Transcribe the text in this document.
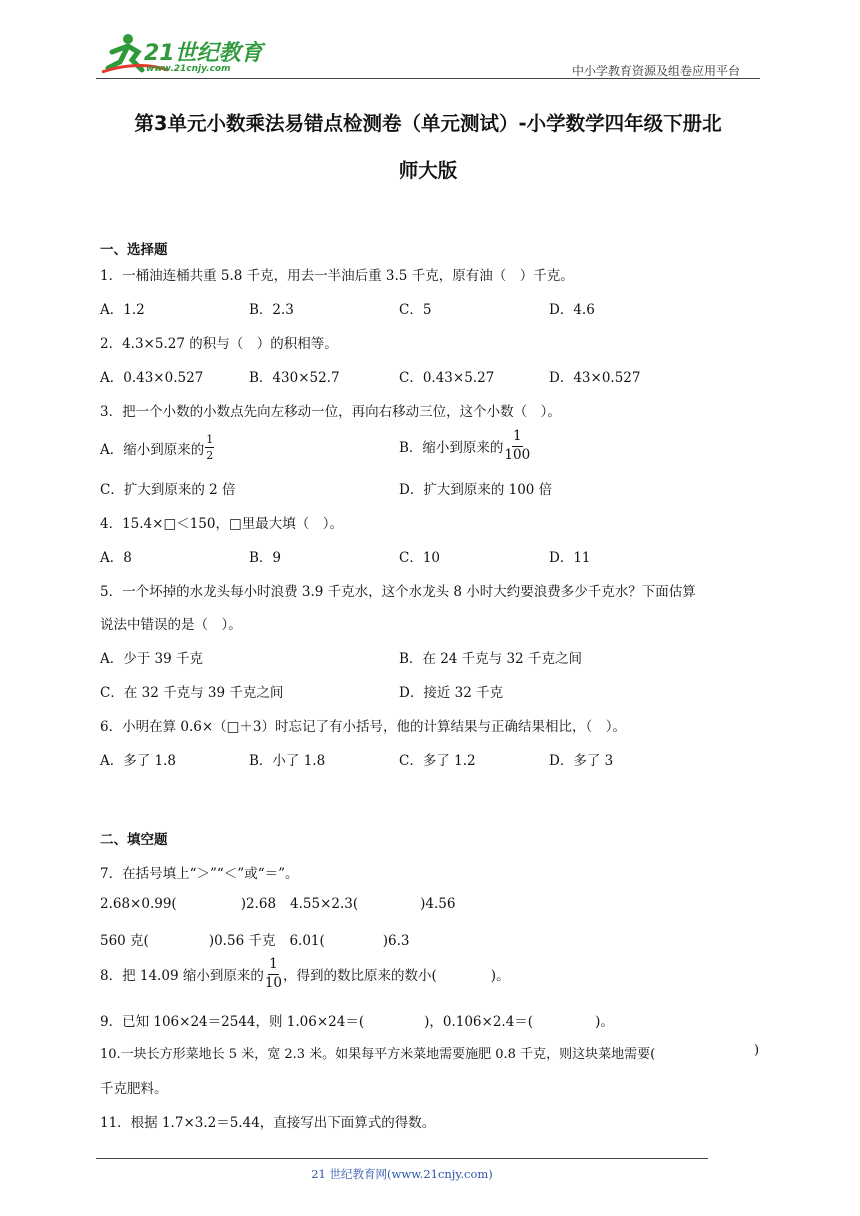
21世纪教育
www.21cnjy.com	中小学教育资源及组卷应用平台
第3单元小数乘法易错点检测卷（单元测试）-小学数学四年级下册北
师大版
一、选择题
1．一桶油连桶共重 5.8 千克，用去一半油后重 3.5 千克，原有油（　）千克。
A．1.2	B．2.3	C．5	D．4.6
2．4.3×5.27 的积与（　）的积相等。
A．0.43×0.527	B．430×52.7	C．0.43×5.27	D．43×0.527
3．把一个小数的小数点先向左移动一位，再向右移动三位，这个小数（　）。
A．缩小到原来的 $\frac{1}{2}$	B．缩小到原来的 $\frac{1}{100}$
C．扩大到原来的 2 倍	D．扩大到原来的 100 倍
4．15.4×□＜150，□里最大填（　）。
A．8	B．9	C．10	D．11
5．一个坏掉的水龙头每小时浪费 3.9 千克水，这个水龙头 8 小时大约要浪费多少千克水？下面估算
说法中错误的是（　）。
A．少于 39 千克	B．在 24 千克与 32 千克之间
C．在 32 千克与 39 千克之间	D．接近 32 千克
6．小明在算 0.6×（□＋3）时忘记了有小括号，他的计算结果与正确结果相比，（　）。
A．多了 1.8	B．小了 1.8	C．多了 1.2	D．多了 3
二、填空题
7．在括号填上“＞”“＜”或“＝”。
2.68×0.99(	)2.68 4.55×2.3(	)4.56
560 克(	)0.56 千克 6.01(	)6.3
8．把 14.09 缩小到原来的 $\frac{1}{10}$ ，得到的数比原来的数小(	)。
9．已知 106×24＝2544，则 1.06×24＝(	)，0.106×2.4＝(	)。
10.一块长方形菜地长 5 米，宽 2.3 米。如果每平方米菜地需要施肥 0.8 千克，则这块菜地需要(	)
千克肥料。
11．根据 1.7×3.2＝5.44，直接写出下面算式的得数。
21 世纪教育网(www.21cnjy.com)
